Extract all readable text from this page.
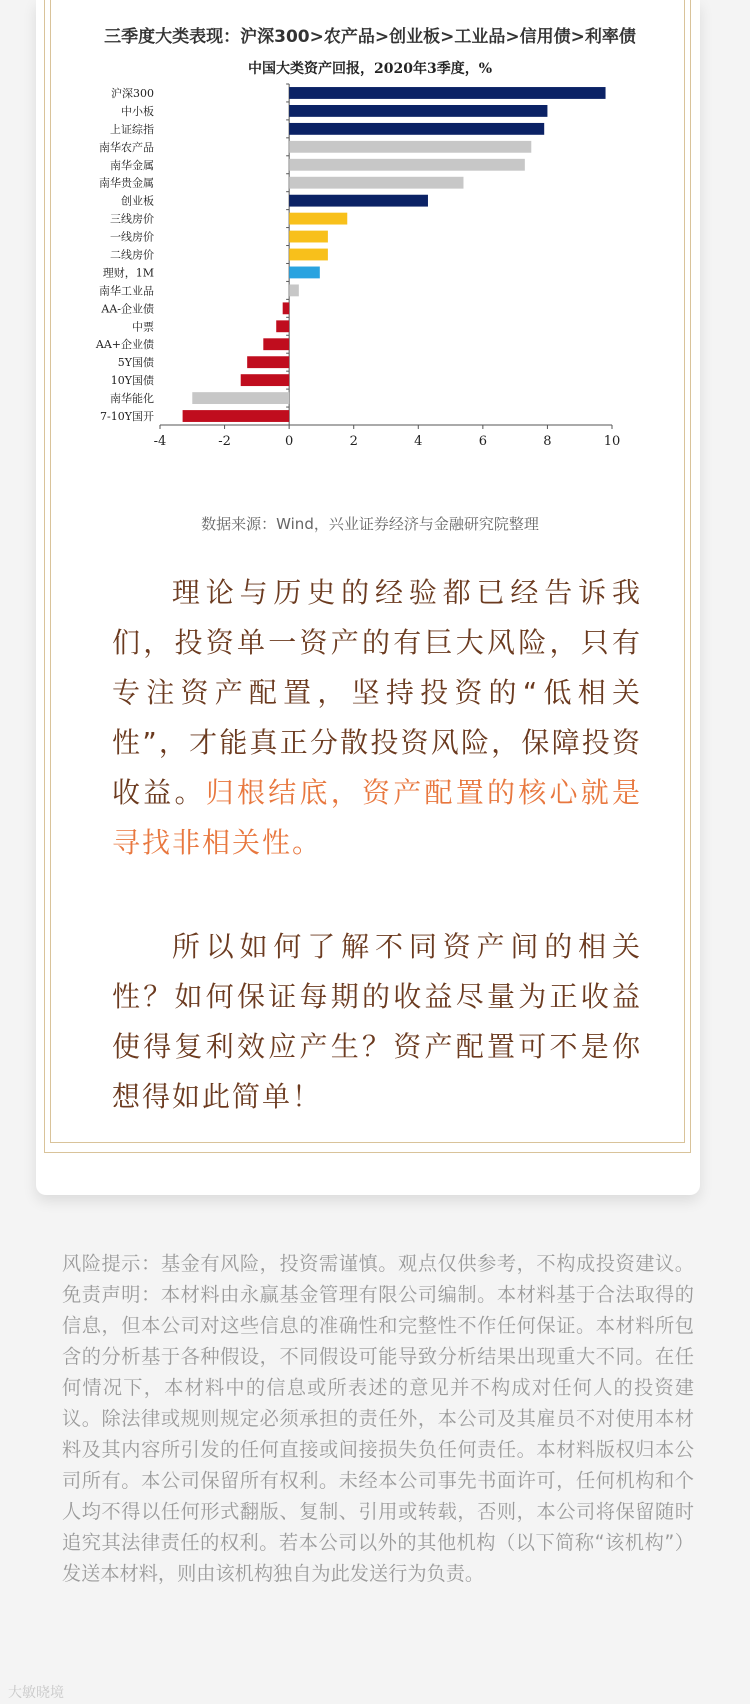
三季度大类表现：沪深300>农产品>创业板>工业品>信用债>利率债
中国大类资产回报，2020年3季度，%
沪深300
中小板
上证综指
南华农产品
南华金属
南华贵金属
创业板
三线房价
一线房价
二线房价
理财，1M
南华工业品
AA-企业债
中票
AA+企业债
5Y国债
10Y国债
南华能化
7-10Y国开
-4	-2	0	2	4	6	8	10
数据来源：Wind，兴业证券经济与金融研究院整理
理论与历史的经验都已经告诉我们，投资单一资产的有巨大风险，只有专注资产配置，坚持投资的“低相关性”，才能真正分散投资风险，保障投资收益。归根结底，资产配置的核心就是寻找非相关性。
所以如何了解不同资产间的相关性？如何保证每期的收益尽量为正收益使得复利效应产生？资产配置可不是你想得如此简单！
风险提示：基金有风险，投资需谨慎。观点仅供参考，不构成投资建议。免责声明：本材料由永赢基金管理有限公司编制。本材料基于合法取得的信息，但本公司对这些信息的准确性和完整性不作任何保证。本材料所包含的分析基于各种假设，不同假设可能导致分析结果出现重大不同。在任何情况下，本材料中的信息或所表述的意见并不构成对任何人的投资建议。除法律或规则规定必须承担的责任外，本公司及其雇员不对使用本材料及其内容所引发的任何直接或间接损失负任何责任。本材料版权归本公司所有。本公司保留所有权利。未经本公司事先书面许可，任何机构和个人均不得以任何形式翻版、复制、引用或转载，否则，本公司将保留随时追究其法律责任的权利。若本公司以外的其他机构（以下简称“该机构”）发送本材料，则由该机构独自为此发送行为负责。
大敏晓境
